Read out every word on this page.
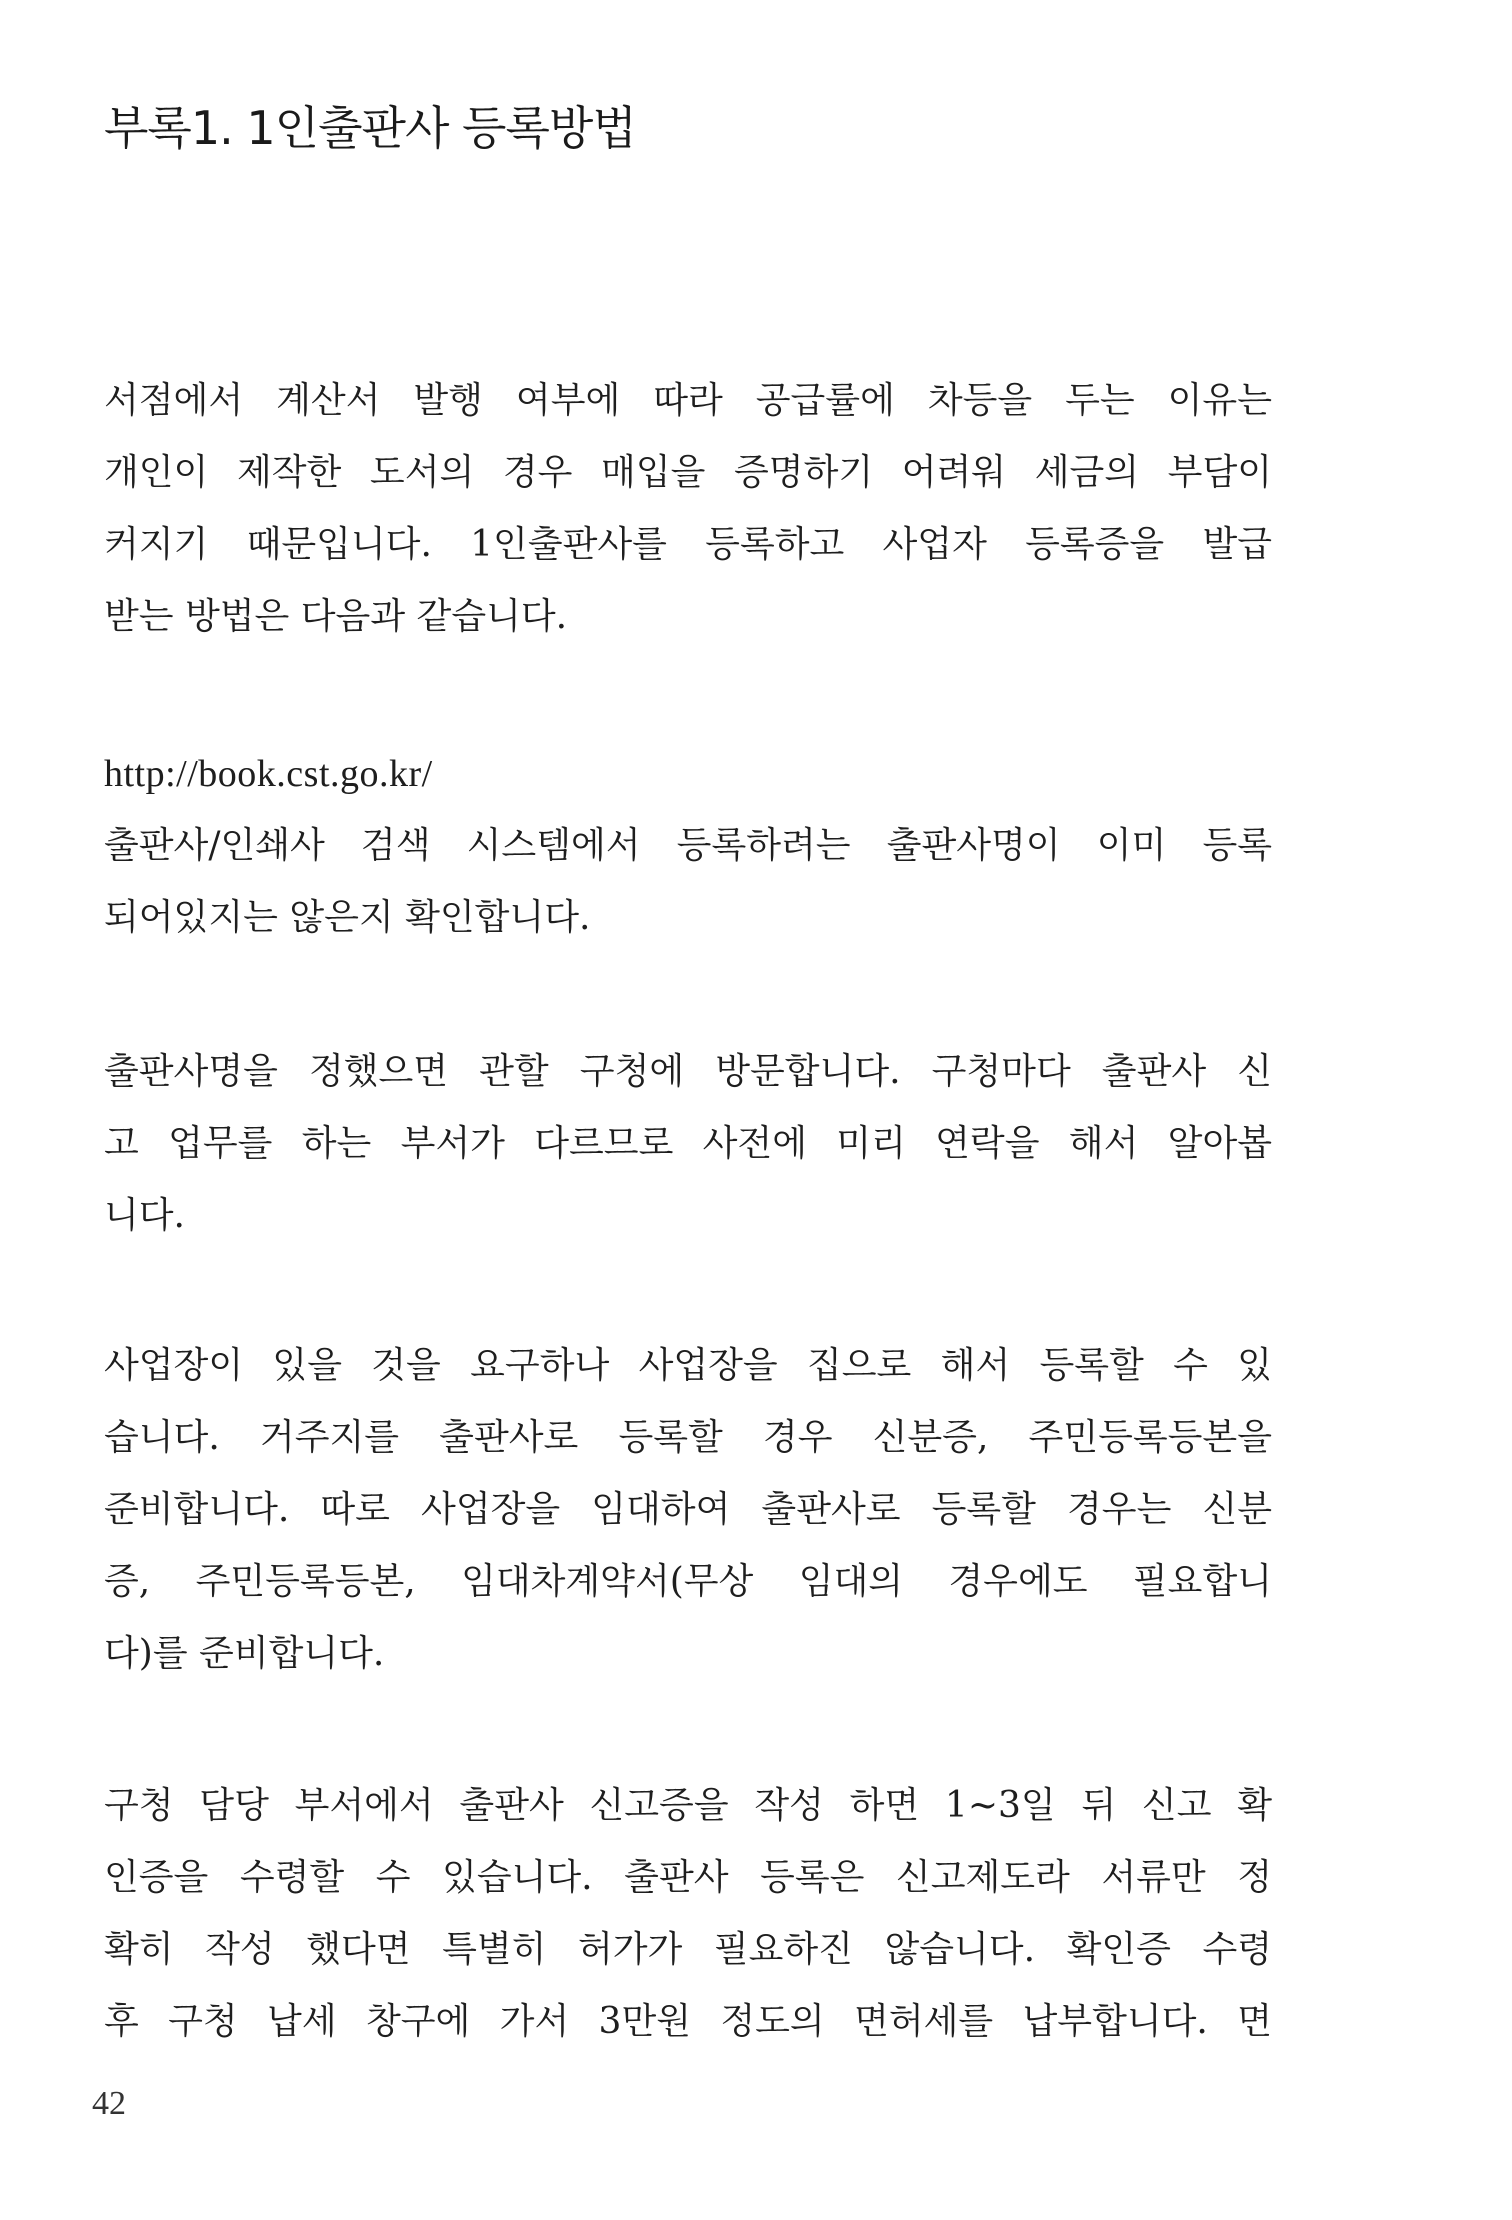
부록1. 1인출판사 등록방법
서점에서 계산서 발행 여부에 따라 공급률에 차등을 두는 이유는
개인이 제작한 도서의 경우 매입을 증명하기 어려워 세금의 부담이
커지기 때문입니다. 1인출판사를 등록하고 사업자 등록증을 발급
받는 방법은 다음과 같습니다.
http://book.cst.go.kr/
출판사/인쇄사 검색 시스템에서 등록하려는 출판사명이 이미 등록
되어있지는 않은지 확인합니다.
출판사명을 정했으면 관할 구청에 방문합니다. 구청마다 출판사 신
고 업무를 하는 부서가 다르므로 사전에 미리 연락을 해서 알아봅
니다.
사업장이 있을 것을 요구하나 사업장을 집으로 해서 등록할 수 있
습니다. 거주지를 출판사로 등록할 경우 신분증, 주민등록등본을
준비합니다. 따로 사업장을 임대하여 출판사로 등록할 경우는 신분
증, 주민등록등본, 임대차계약서(무상 임대의 경우에도 필요합니
다)를 준비합니다.
구청 담당 부서에서 출판사 신고증을 작성 하면 1~3일 뒤 신고 확
인증을 수령할 수 있습니다. 출판사 등록은 신고제도라 서류만 정
확히 작성 했다면 특별히 허가가 필요하진 않습니다. 확인증 수령
후 구청 납세 창구에 가서 3만원 정도의 면허세를 납부합니다. 면
42
